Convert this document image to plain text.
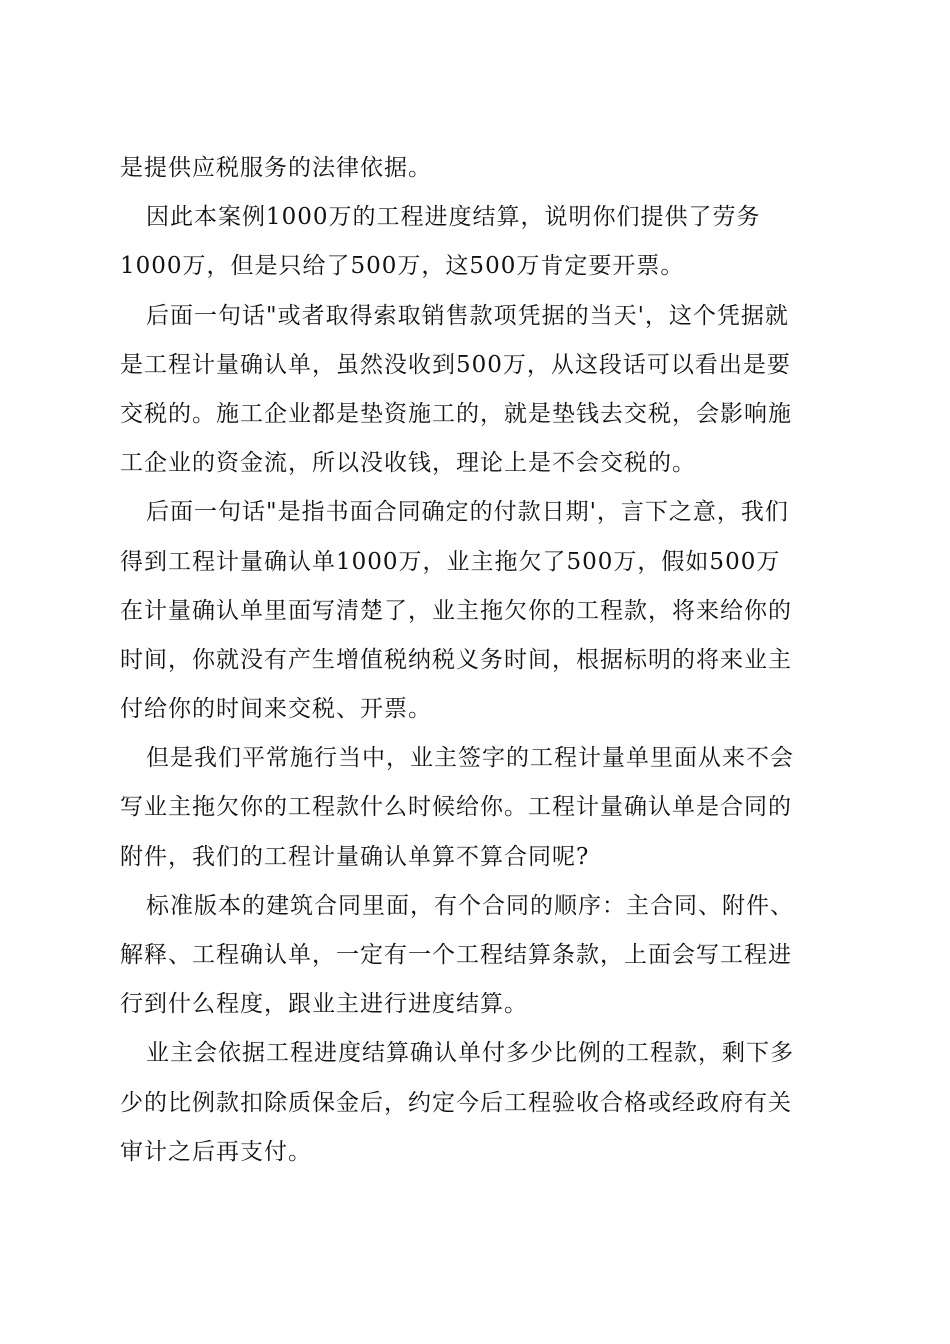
是提供应税服务的法律依据。
因此本案例1000万的工程进度结算，说明你们提供了劳务
1000万，但是只给了500万，这500万肯定要开票。
后面一句话"或者取得索取销售款项凭据的当天'，这个凭据就
是工程计量确认单，虽然没收到500万，从这段话可以看出是要
交税的。施工企业都是垫资施工的，就是垫钱去交税，会影响施
工企业的资金流，所以没收钱，理论上是不会交税的。
后面一句话"是指书面合同确定的付款日期'，言下之意，我们
得到工程计量确认单1000万，业主拖欠了500万，假如500万
在计量确认单里面写清楚了，业主拖欠你的工程款，将来给你的
时间，你就没有产生增值税纳税义务时间，根据标明的将来业主
付给你的时间来交税、开票。
但是我们平常施行当中，业主签字的工程计量单里面从来不会
写业主拖欠你的工程款什么时候给你。工程计量确认单是合同的
附件，我们的工程计量确认单算不算合同呢?
标准版本的建筑合同里面，有个合同的顺序：主合同、附件、
解释、工程确认单，一定有一个工程结算条款，上面会写工程进
行到什么程度，跟业主进行进度结算。
业主会依据工程进度结算确认单付多少比例的工程款，剩下多
少的比例款扣除质保金后，约定今后工程验收合格或经政府有关
审计之后再支付。
